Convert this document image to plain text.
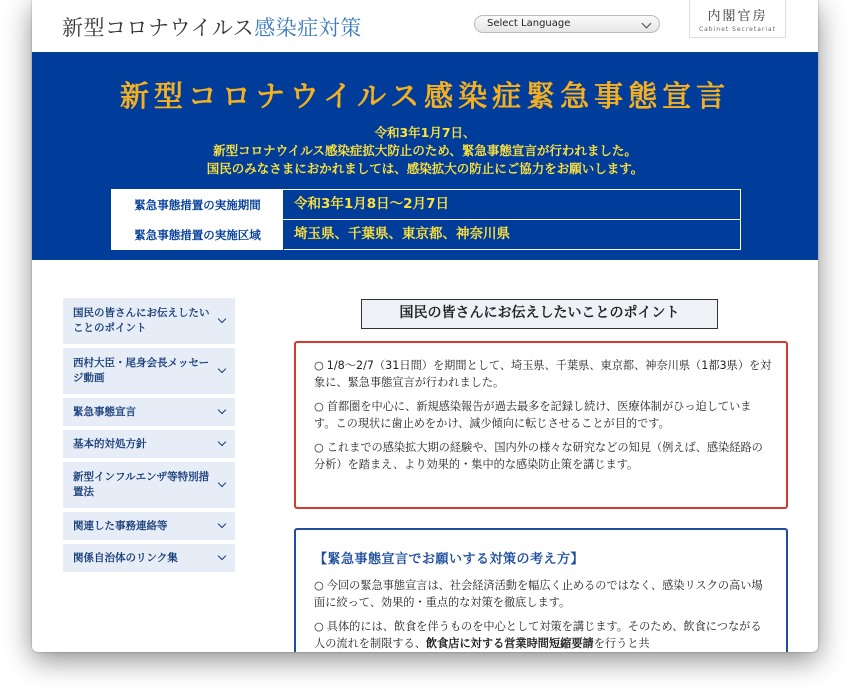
新型コロナウイルス感染症対策	Select Language	内閣官房
Cabinet Secretariat
新型コロナウイルス感染症緊急事態宣言
令和3年1月7日、
新型コロナウイルス感染症拡大防止のため、緊急事態宣言が行われました。
国民のみなさまにおかれましては、感染拡大の防止にご協力をお願いします。
緊急事態措置の実施期間	令和3年1月8日～2月7日
緊急事態措置の実施区域	埼玉県、千葉県、東京都、神奈川県
国民の皆さんにお伝えしたいことのポイント
西村大臣・尾身会長メッセージ動画
緊急事態宣言
基本的対処方針
新型インフルエンザ等特別措置法
関連した事務連絡等
関係自治体のリンク集
国民の皆さんにお伝えしたいことのポイント
○ 1/8～2/7（31日間）を期間として、埼玉県、千葉県、東京都、神奈川県（1都3県）を対象に、緊急事態宣言が行われました。
○ 首都圏を中心に、新規感染報告が過去最多を記録し続け、医療体制がひっ迫しています。この現状に歯止めをかけ、減少傾向に転じさせることが目的です。
○ これまでの感染拡大期の経験や、国内外の様々な研究などの知見（例えば、感染経路の分析）を踏まえ、より効果的・集中的な感染防止策を講じます。
【緊急事態宣言でお願いする対策の考え方】
○ 今回の緊急事態宣言は、社会経済活動を幅広く止めるのではなく、感染リスクの高い場面に絞って、効果的・重点的な対策を徹底します。
○ 具体的には、飲食を伴うものを中心として対策を講じます。そのため、飲食につながる人の流れを制限する、飲食店に対する営業時間短縮要請を行うと共
